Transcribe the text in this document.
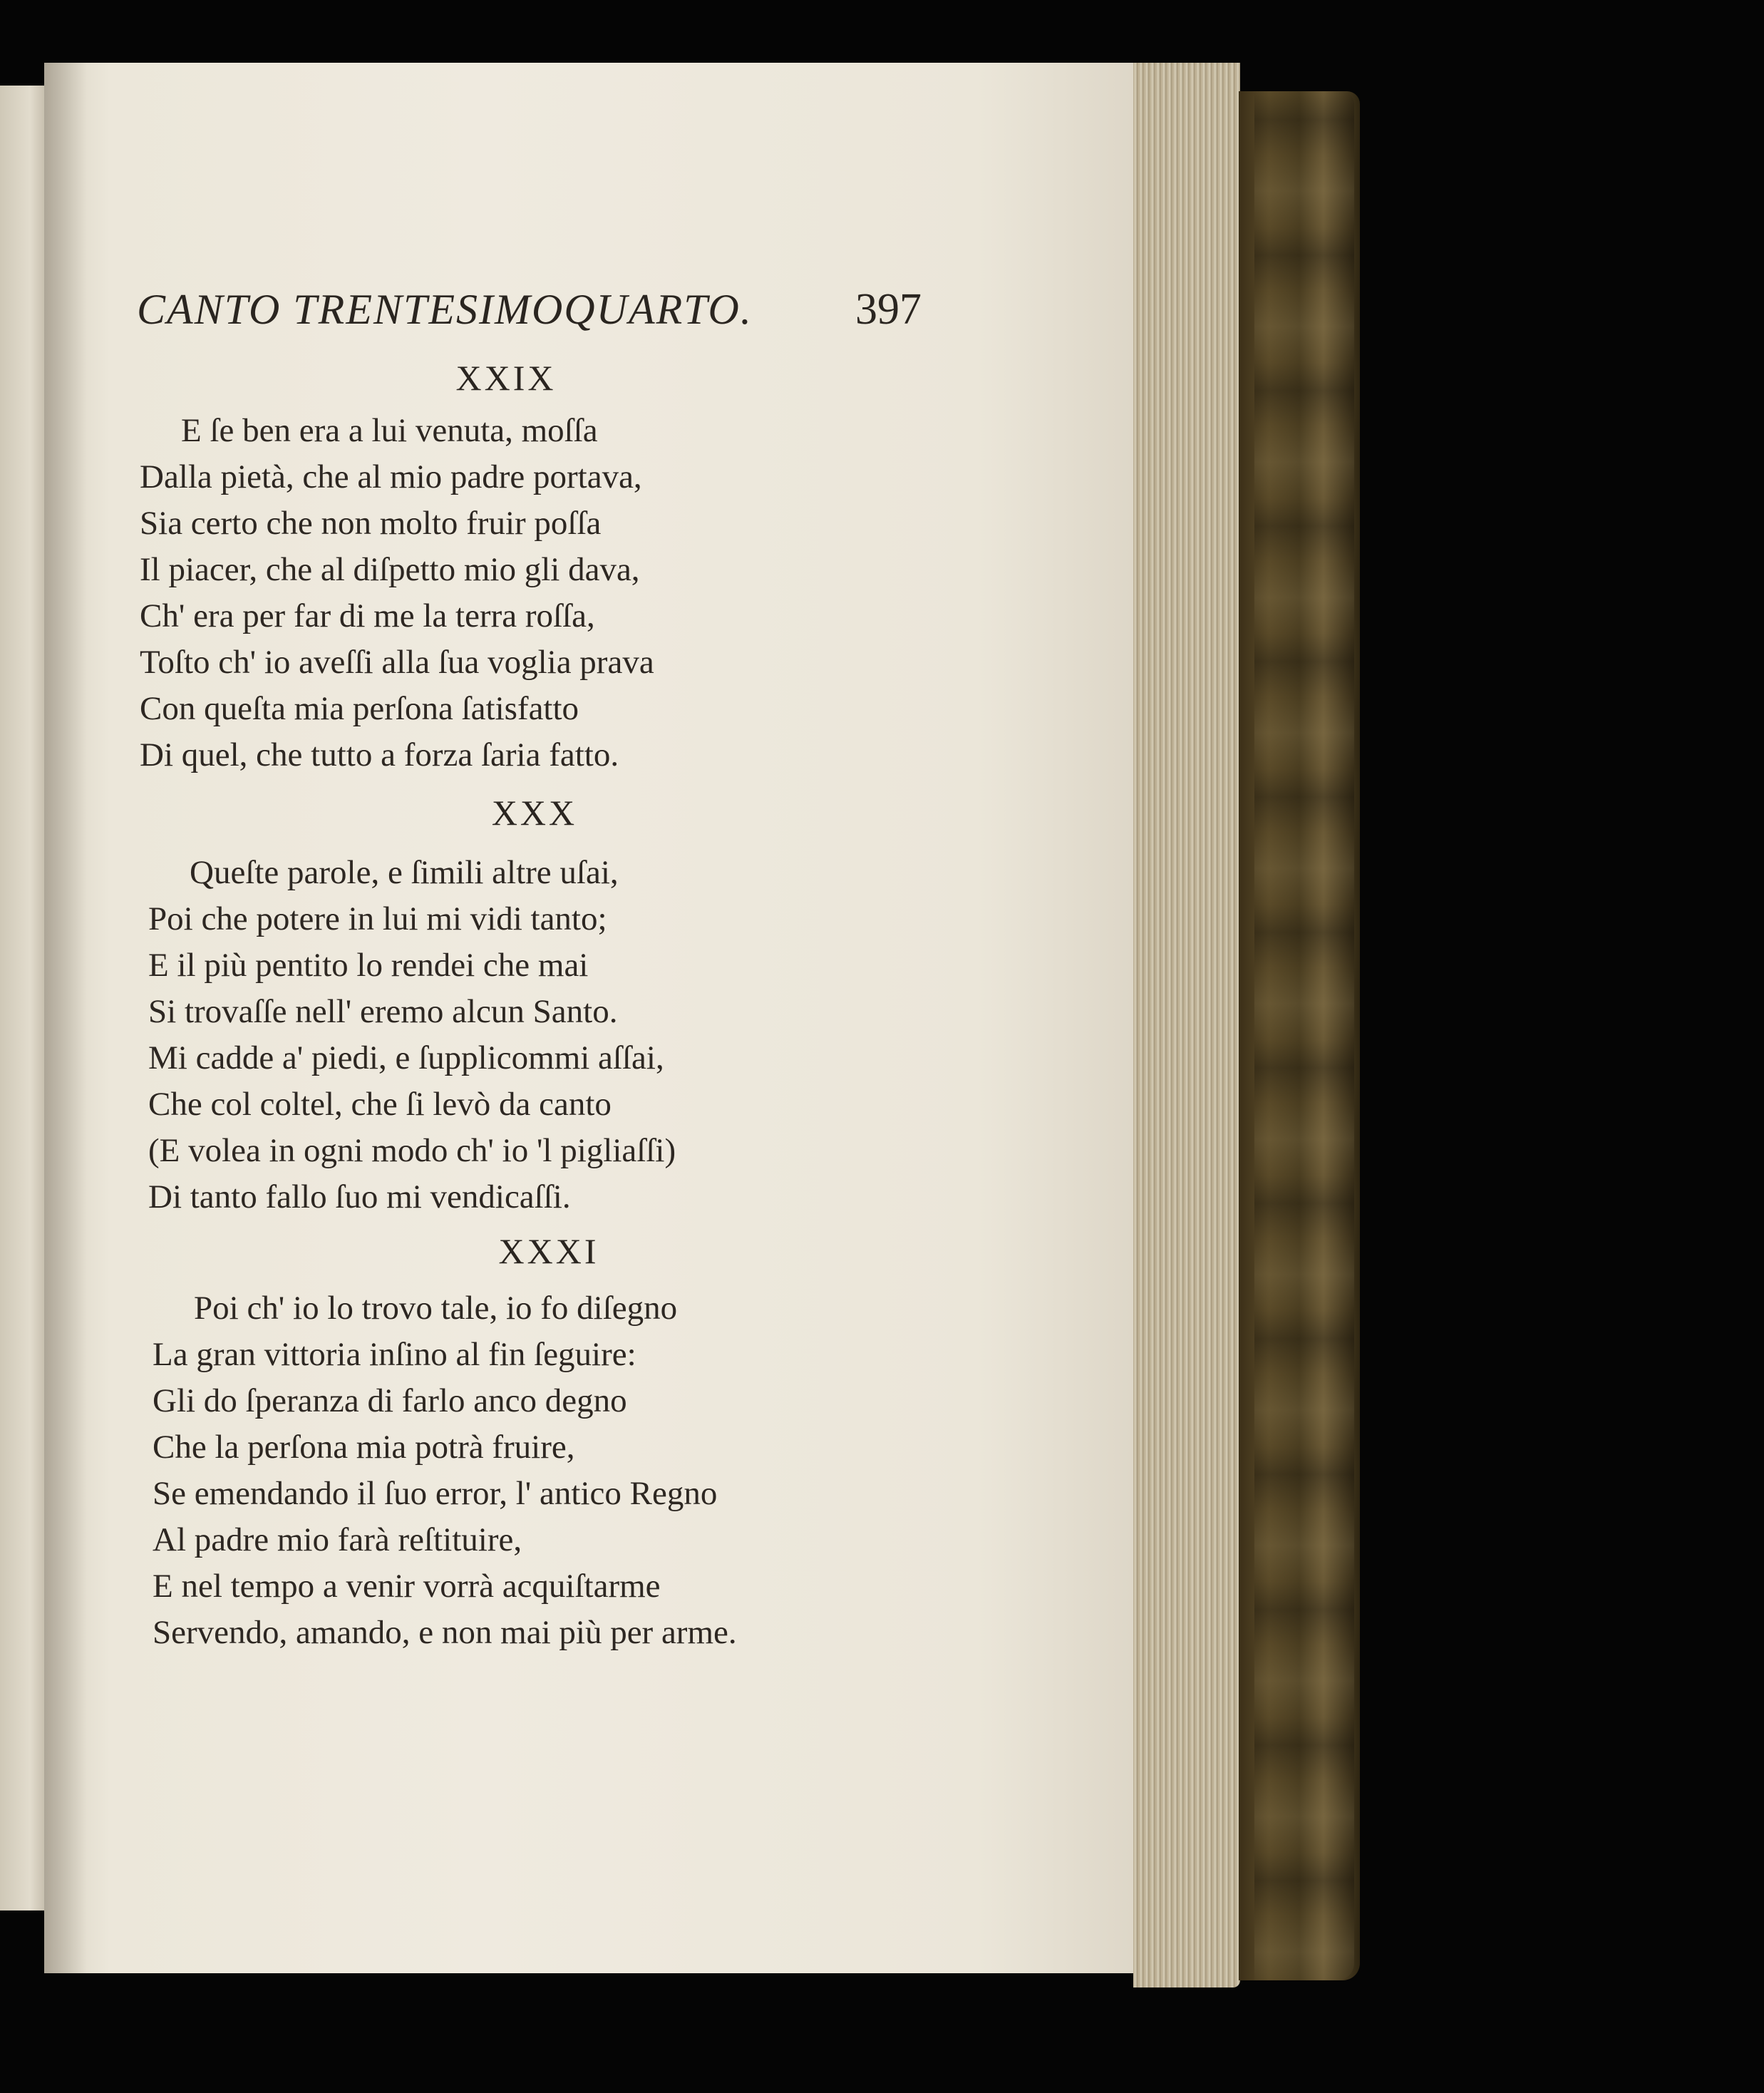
CANTO TRENTESIMOQUARTO.	397
XXIX
E ſe ben era a lui venuta, moſſa
Dalla pietà, che al mio padre portava,
Sia certo che non molto fruir poſſa
Il piacer, che al diſpetto mio gli dava,
Ch' era per far di me la terra roſſa,
Toſto ch' io aveſſi alla ſua voglia prava
Con queſta mia perſona ſatisfatto
Di quel, che tutto a forza ſaria fatto.
XXX
Queſte parole, e ſimili altre uſai,
Poi che potere in lui mi vidi tanto;
E il più pentito lo rendei che mai
Si trovaſſe nell' eremo alcun Santo.
Mi cadde a' piedi, e ſupplicommi aſſai,
Che col coltel, che ſi levò da canto
(E volea in ogni modo ch' io 'l pigliaſſi)
Di tanto fallo ſuo mi vendicaſſi.
XXXI
Poi ch' io lo trovo tale, io fo diſegno
La gran vittoria inſino al fin ſeguire:
Gli do ſperanza di farlo anco degno
Che la perſona mia potrà fruire,
Se emendando il ſuo error, l' antico Regno
Al padre mio farà reſtituire,
E nel tempo a venir vorrà acquiſtarme
Servendo, amando, e non mai più per arme.
